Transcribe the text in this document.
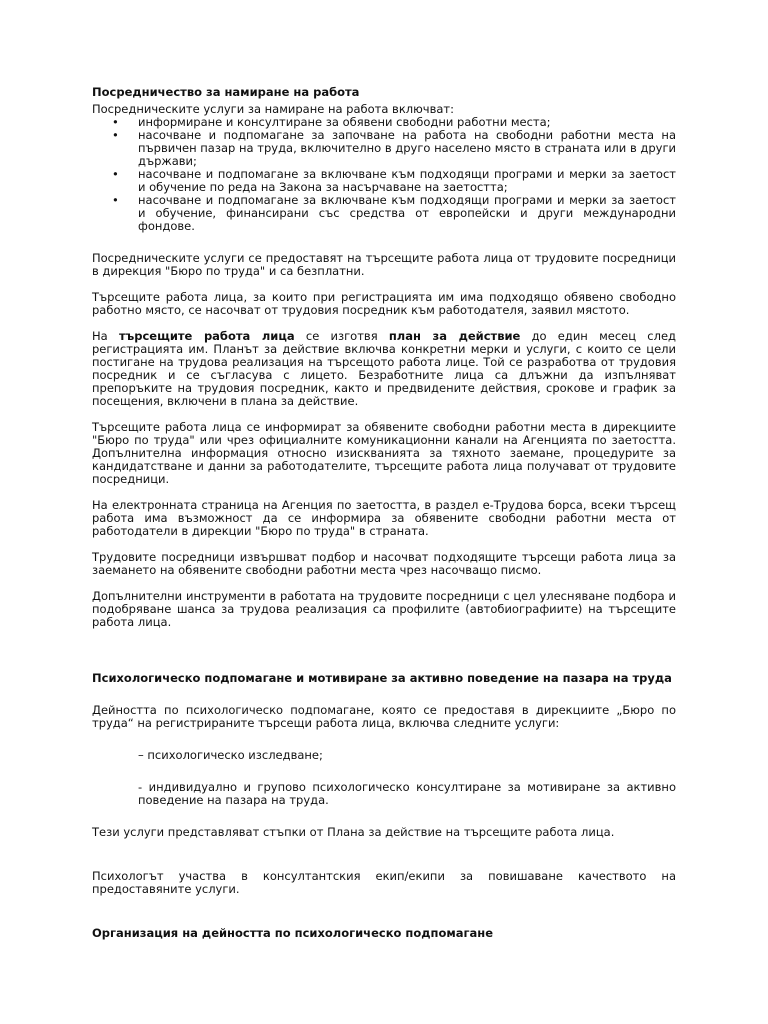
Посредничество за намиране на работа

Посредническите услуги за намиране на работа включват:

• информиране и консултиране за обявени свободни работни места;
• насочване и подпомагане за започване на работа на свободни работни места на първичен пазар на труда, включително в друго населено място в страната или в други държави;
• насочване и подпомагане за включване към подходящи програми и мерки за заетост и обучение по реда на Закона за насърчаване на заетостта;
• насочване и подпомагане за включване към подходящи програми и мерки за заетост и обучение, финансирани със средства от европейски и други международни фондове.

Посредническите услуги се предоставят на търсещите работа лица от трудовите посредници в дирекция "Бюро по труда" и са безплатни.

Търсещите работа лица, за които при регистрацията им има подходящо обявено свободно работно място, се насочват от трудовия посредник към работодателя, заявил мястото.

На търсещите работа лица се изготвя план за действие до един месец след регистрацията им. Планът за действие включва конкретни мерки и услуги, с които се цели постигане на трудова реализация на търсещото работа лице. Той се разработва от трудовия посредник и се съгласува с лицето. Безработните лица са длъжни да изпълняват препоръките на трудовия посредник, както и предвидените действия, срокове и график за посещения, включени в плана за действие.

Търсещите работа лица се информират за обявените свободни работни места в дирекциите "Бюро по труда" или чрез официалните комуникационни канали на Агенцията по заетостта. Допълнителна информация относно изискванията за тяхното заемане, процедурите за кандидатстване и данни за работодателите, търсещите работа лица получават от трудовите посредници.

На електронната страница на Агенция по заетостта, в раздел е-Трудова борса, всеки търсещ работа има възможност да се информира за обявените свободни работни места от работодатели в дирекции "Бюро по труда" в страната.

Трудовите посредници извършват подбор и насочват подходящите търсещи работа лица за заемането на обявените свободни работни места чрез насочващо писмо.

Допълнителни инструменти в работата на трудовите посредници с цел улесняване подбора и подобряване шанса за трудова реализация са профилите (автобиографиите) на търсещите работа лица.

Психологическо подпомагане и мотивиране за активно поведение на пазара на труда

Дейността по психологическо подпомагане, която се предоставя в дирекциите „Бюро по труда“ на регистрираните търсещи работа лица, включва следните услуги:

– психологическо изследване;

- индивидуално и групово психологическо консултиране за мотивиране за активно поведение на пазара на труда.

Тези услуги представляват стъпки от Плана за действие на търсещите работа лица.

Психологът участва в консултантския екип/екипи за повишаване качеството на предоставяните услуги.

Организация на дейността по психологическо подпомагане
